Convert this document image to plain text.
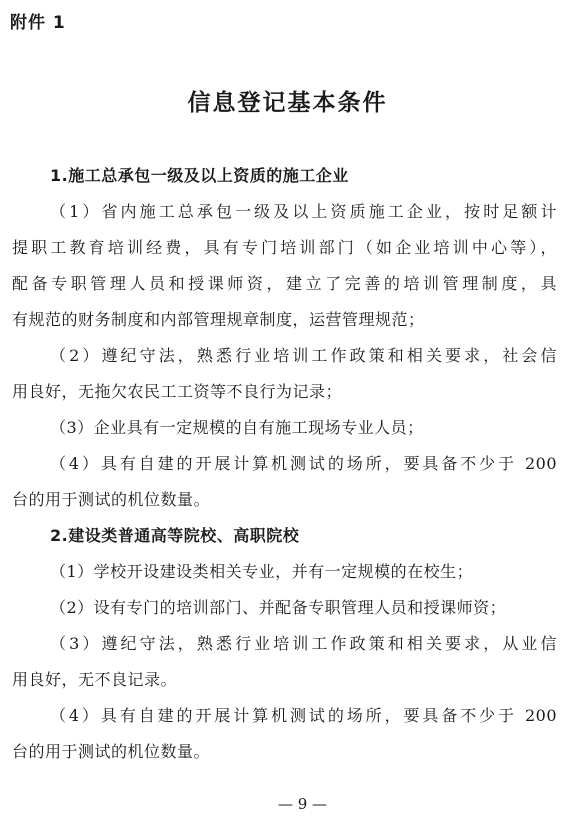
附件 1
信息登记基本条件
1.施工总承包一级及以上资质的施工企业
（1）省内施工总承包一级及以上资质施工企业，按时足额计
提职工教育培训经费，具有专门培训部门（如企业培训中心等），
配备专职管理人员和授课师资，建立了完善的培训管理制度，具
有规范的财务制度和内部管理规章制度，运营管理规范；
（2）遵纪守法，熟悉行业培训工作政策和相关要求，社会信
用良好，无拖欠农民工工资等不良行为记录；
（3）企业具有一定规模的自有施工现场专业人员；
（4）具有自建的开展计算机测试的场所，要具备不少于 200
台的用于测试的机位数量。
2.建设类普通高等院校、高职院校
（1）学校开设建设类相关专业，并有一定规模的在校生；
（2）设有专门的培训部门、并配备专职管理人员和授课师资；
（3）遵纪守法，熟悉行业培训工作政策和相关要求，从业信
用良好，无不良记录。
（4）具有自建的开展计算机测试的场所，要具备不少于 200
台的用于测试的机位数量。
— 9 —
